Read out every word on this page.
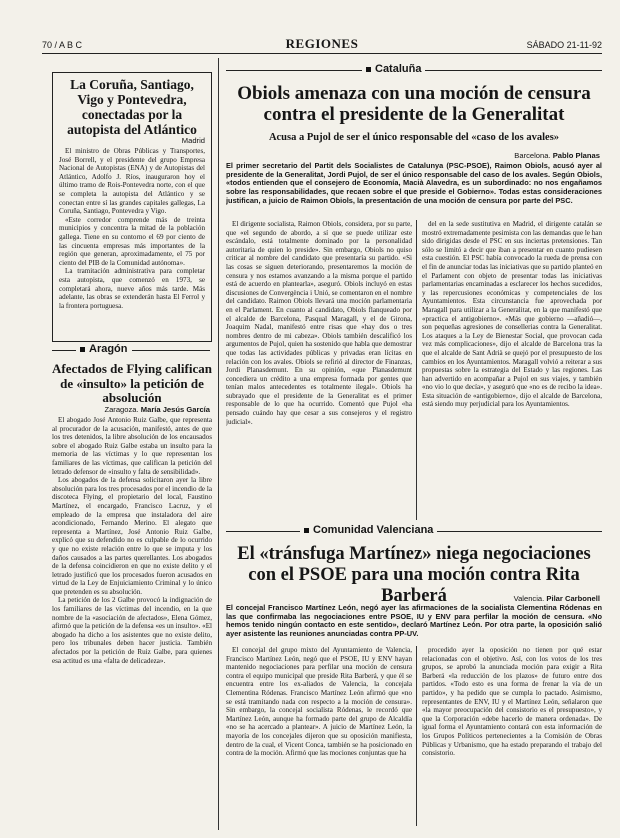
70 / A B C	REGIONES	SÁBADO 21-11-92
La Coruña, Santiago, Vigo y Pontevedra, conectadas por la autopista del Atlántico
Madrid

El ministro de Obras Públicas y Transportes, José Borrell, y el presidente del grupo Empresa Nacional de Autopistas (ENA) y de Autopistas del Atlántico, Adolfo J. Ríos, inauguraron hoy el último tramo de Rois-Pontevedra norte, con el que se completa la autopista del Atlántico y se conectan entre sí las grandes capitales gallegas, La Coruña, Santiago, Pontevedra y Vigo.

«Este corredor comprende más de treinta municipios y concentra la mitad de la población gallega. Tiene en su contorno el 69 por ciento de las cincuenta empresas más importantes de la región que generan, aproximadamente, el 75 por ciento del PIB de la Comunidad autónoma».

La tramitación administrativa para completar esta autopista, que comenzó en 1973, se completará ahora, nueve años más tarde. Más adelante, las obras se extenderán hasta El Ferrol y la frontera portuguesa.

Aragón
Afectados de Flying califican de «insulto» la petición de absolución
Zaragoza. María Jesús García

El abogado José Antonio Ruiz Galbe, que representa al procurador de la acusación, manifestó, antes de que los tres detenidos, la libre absolución de los encausados sobre el abogado Ruiz Galbe estaba un insulto para la memoria de las víctimas y lo que representan los familiares de las víctimas, que califican la petición del letrado defensor de «insulto y falta de sensibilidad».

Los abogados de la defensa solicitaron ayer la libre absolución para los tres procesados por el incendio de la discoteca Flying, el propietario del local, Faustino Martínez, el encargado, Francisco Lacruz, y el empleado de la empresa que instaladora del aire acondicionado, Fernando Merino. El alegato que representa a Martínez, José Antonio Ruiz Galbe, explicó que su defendido no es culpable de lo ocurrido y que no existe relación entre lo que se imputa y los daños causados a las partes querellantes. Los abogados de la defensa coincidieron en que no existe delito y el letrado justificó que los procesados fueron acusados en virtud de la Ley de Enjuiciamiento Criminal y lo único que pretenden es su absolución.

La petición de los 2 Galbe provocó la indignación de los familiares de las víctimas del incendio, en la que nombre de la «asociación de afectados», Elena Gómez, afirmó que la petición de la defensa «es un insulto». «El abogado ha dicho a los asistentes que no existe delito, pero los tribunales deben hacer justicia. También afectados por la petición de Ruiz Galbe, para quienes esa actitud es una «falta de delicadeza».

Cataluña
Obiols amenaza con una moción de censura contra el presidente de la Generalitat
Acusa a Pujol de ser el único responsable del «caso de los avales»
Barcelona. Pablo Planas
El primer secretario del Partit dels Socialistes de Catalunya (PSC-PSOE), Raimon Obiols, acusó ayer al presidente de la Generalitat, Jordi Pujol, de ser el único responsable del caso de los avales. Según Obiols, «todos entienden que el consejero de Economía, Macià Alavedra, es un subordinado: no nos engañamos sobre las responsabilidades, que recaen sobre el que preside el Gobierno». Todas estas consideraciones justifican, a juicio de Raimon Obiols, la presentación de una moción de censura por parte del PSC.

El dirigente socialista, Raimon Obiols, considera, por su parte, que «el segundo de abordo, a sí que se puede utilizar este escándalo, está totalmente dominado por la personalidad autoritaria de quien lo preside». Sin embargo, Obiols no quiso criticar al nombre del candidato que presentaría su partido. «Si las cosas se siguen deteriorando, presentaremos la moción de censura y nos estamos avanzando a la misma porque el partido está de acuerdo en plantearla», aseguró. Obiols incluyó en estas discusiones de Convergència i Unió, se comentaron en el nombre del candidato. Raimon Obiols llevará una moción parlamentaria en el Parlament. En cuanto al candidato, Obiols flanqueado por el alcalde de Barcelona, Pasqual Maragall, y el de Girona, Joaquim Nadal, manifestó entre risas que «hay dos o tres nombres dentro de mi cabeza». Obiols también descalificó los argumentos de Pujol, quien ha sostenido que habla que demostrar que todas las actividades públicas y privadas eran lícitas en relación con los avales. Obiols se refirió al director de Finanzas, Jordi Planasdemunt. En su opinión, «que Planasdemunt concediera un crédito a una empresa formada por gentes que tenían malos antecedentes es totalmente ilegal». Obiols ha subrayado que el presidente de la Generalitat es el primer responsable de lo que ha ocurrido. Comentó que Pujol «ha pensado cuándo hay que cesar a sus consejeros y el registro judicial».

del en la sede sustitutiva en Madrid, el dirigente catalán se mostró extremadamente pesimista con las demandas que le han sido dirigidas desde el PSC en sus inciertas pretensiones. Tan sólo se limitó a decir que iban a presentar en cuanto pudiesen esta cuestión. El PSC había convocado la rueda de prensa con el fin de anunciar todas las iniciativas que su partido planteó en el Parlament con objeto de presentar todas las iniciativas parlamentarias encaminadas a esclarecer los hechos sucedidos, y las repercusiones económicas y competenciales de los Ayuntamientos. Esta circunstancia fue aprovechada por Maragall para utilizar a la Generalitat, en la que manifestó que «practica el antigobierno». «Más que gobierno —añadió—, son pequeñas agresiones de consellerias contra la Generalitat. Los ataques a la Ley de Bienestar Social, que provocan cada vez más complicaciones», dijo el alcalde de Barcelona tras la que el alcalde de Sant Adrià se quejó por el presupuesto de los cambios en los Ayuntamientos. Maragall volvió a reiterar a sus propuestas sobre la estrategia del Estado y las regiones. Las han advertido en acompañar a Pujol en sus viajes, y también «no vio lo que decía», y aseguró que «no es de recibo la idea». Esta situación de «antigobierno», dijo el alcalde de Barcelona, está siendo muy perjudicial para los Ayuntamientos.

Comunidad Valenciana
El «tránsfuga Martínez» niega negociaciones con el PSOE para una moción contra Rita Barberá	Valencia. Pilar Carbonell
El concejal Francisco Martínez León, negó ayer las afirmaciones de la socialista Clementina Ródenas en las que confirmaba las negociaciones entre PSOE, IU y ENV para perfilar la moción de censura. «No hemos tenido ningún contacto en este sentido», declaró Martínez León. Por otra parte, la oposición salió ayer asistente las reuniones anunciadas contra PP-UV.

El concejal del grupo mixto del Ayuntamiento de Valencia, Francisco Martínez León, negó que el PSOE, IU y ENV hayan mantenido negociaciones para perfilar una moción de censura contra el equipo municipal que preside Rita Barberá, y que él se encuentra entre los ex-aliados de Valencia, la concejala Clementina Ródenas. Francisco Martínez León afirmó que «no se está tramitando nada con respecto a la moción de censura». Sin embargo, la concejal socialista Ródenas, le recordó que Martínez León, aunque ha formado parte del grupo de Alcaldía «no se ha acercado a plantear». A juicio de Martínez León, la mayoría de los concejales dijeron que su oposición manifiesta, dentro de la cual, el Vicent Conca, también se ha posicionado en contra de la moción. Afirmó que las mociones conjuntas que ha

procedido ayer la oposición no tienen por qué estar relacionadas con el objetivo. Así, con los votos de los tres grupos, se aprobó la anunciada moción para exigir a Rita Barberá «la reducción de los plazos» de futuro entre dos partidos. «Todo esto es una forma de frenar la vía de un partido», y ha pedido que se cumpla lo pactado. Asimismo, representantes de ENV, IU y el Martínez León, señalaron que «la mayor preocupación del consistorio es el presupuesto», y que la Corporación «debe hacerlo de manera ordenada». De igual forma el Ayuntamiento contará con esta información de los Grupos Políticos pertenecientes a la Comisión de Obras Públicas y Urbanismo, que ha estado preparando el trabajo del consistorio.
